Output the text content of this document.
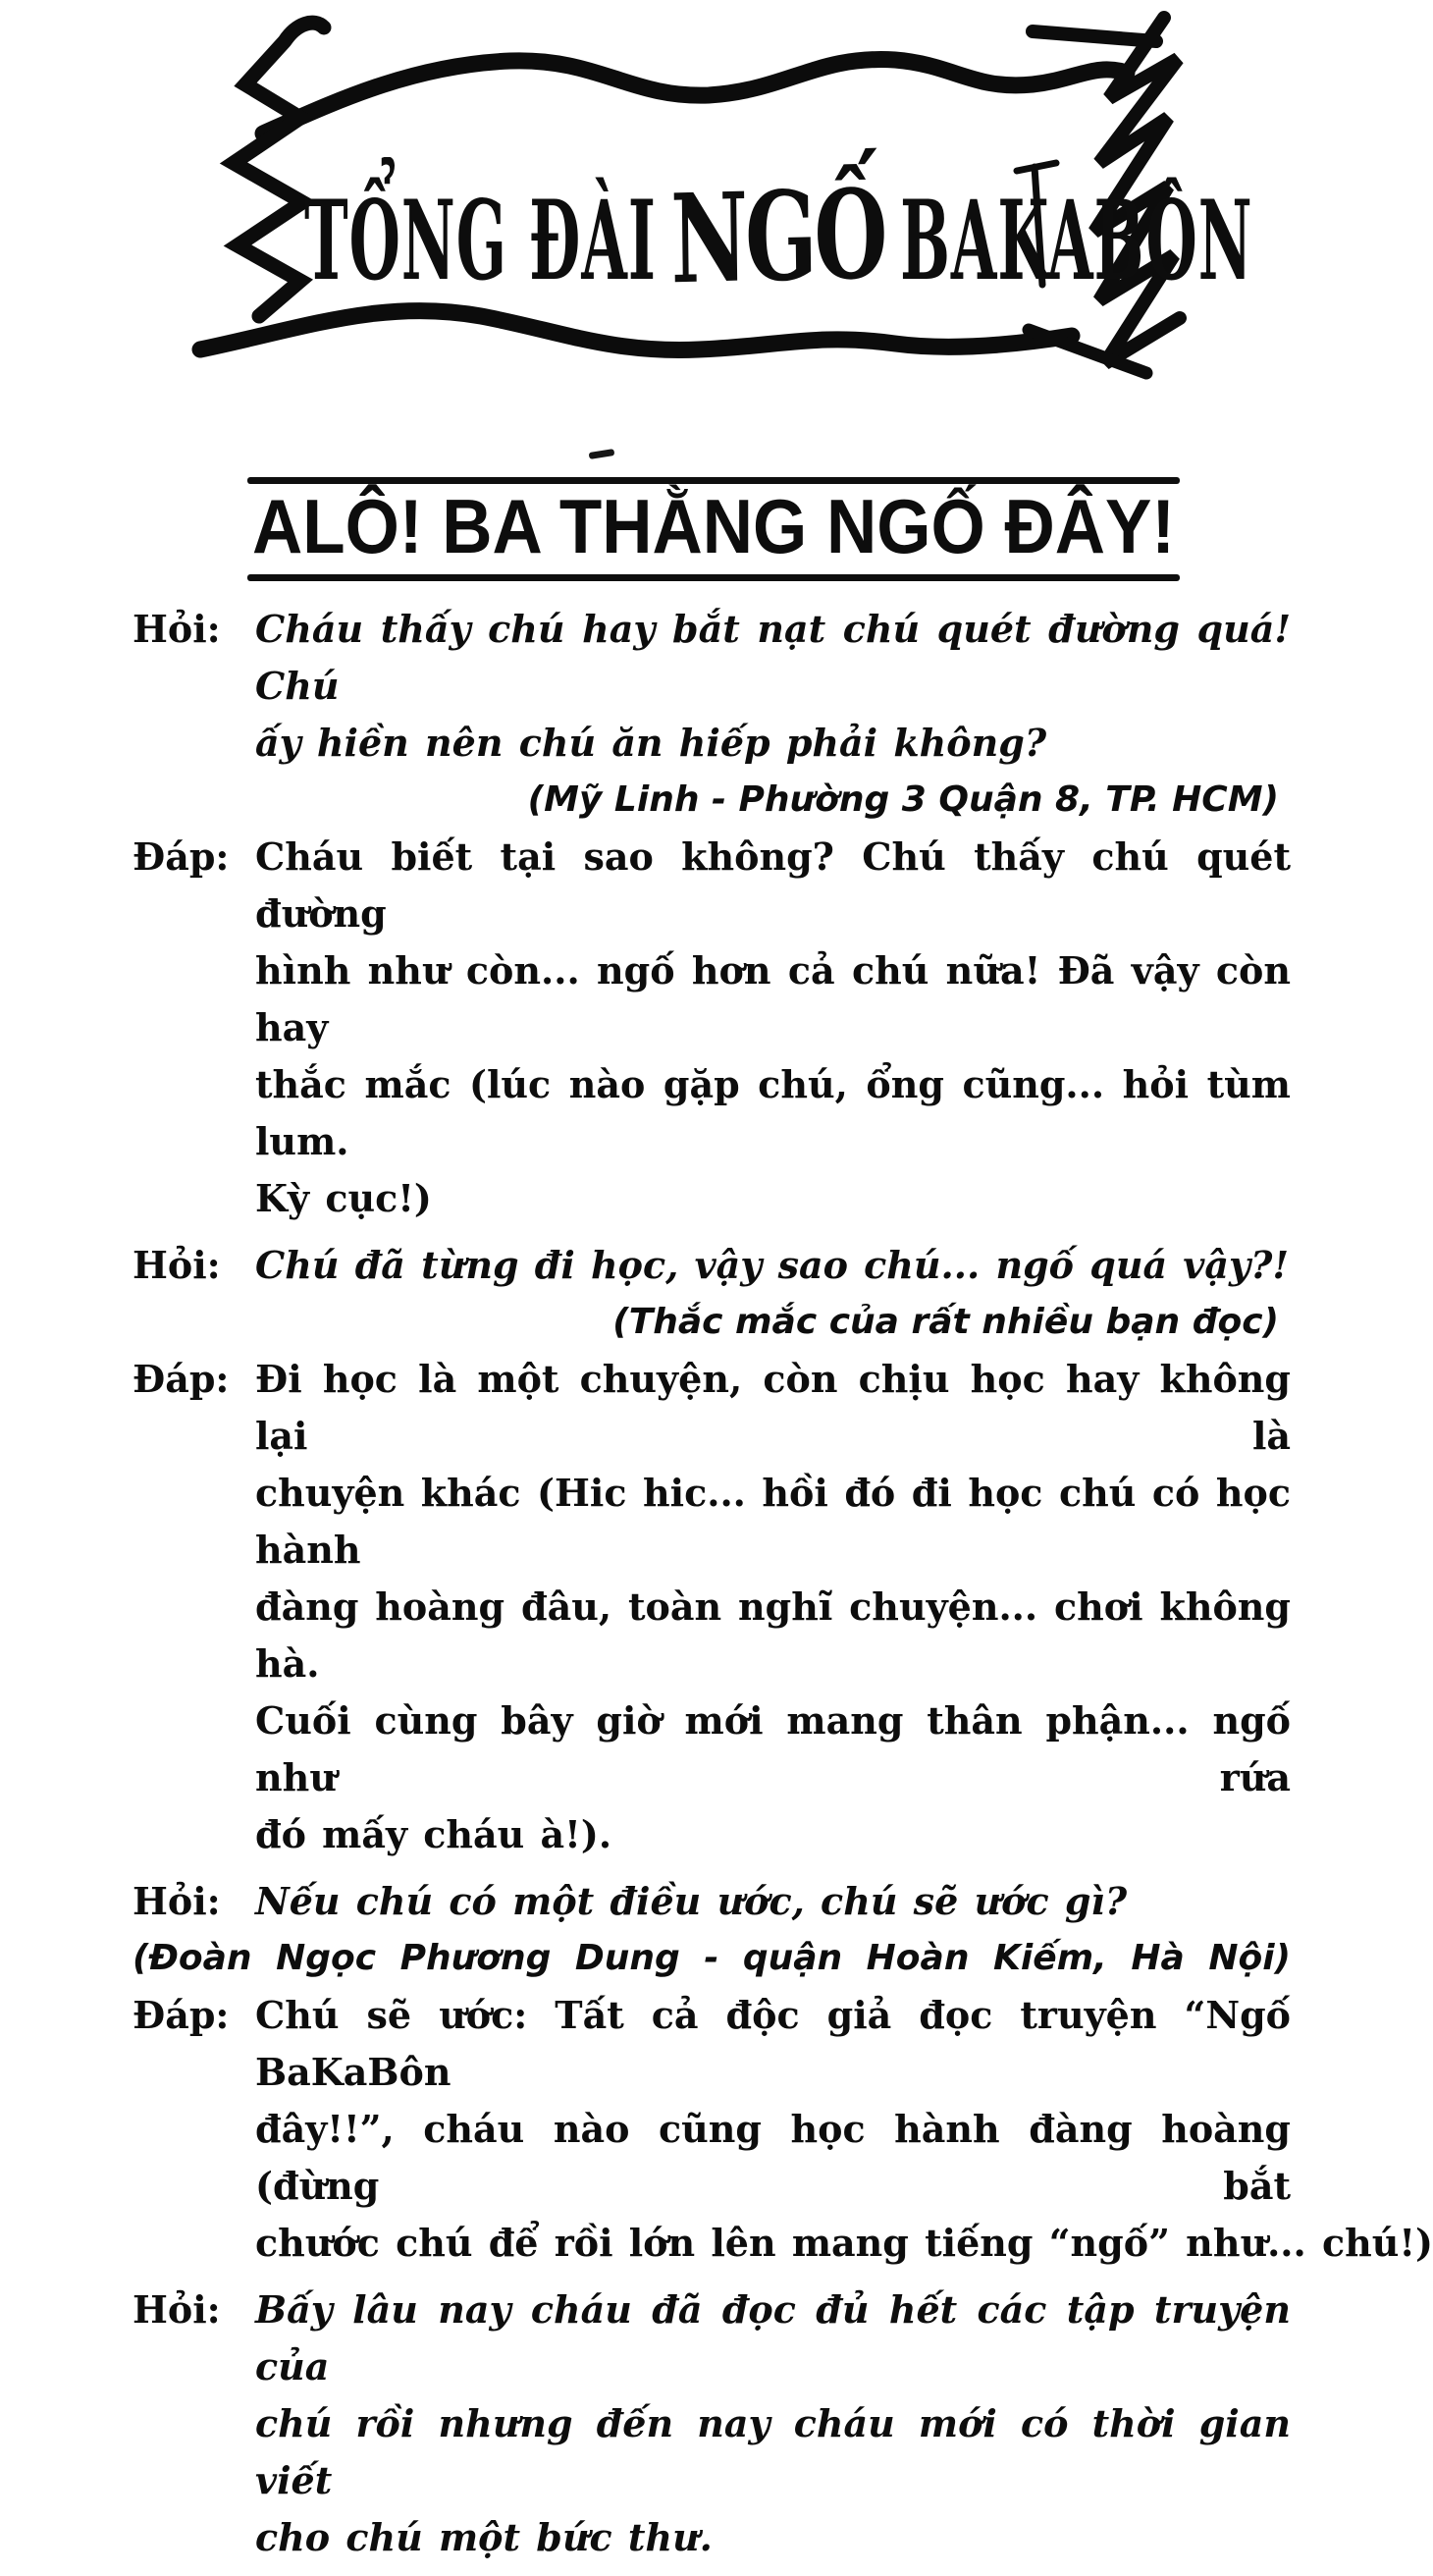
TỔNG ĐÀI NGỐ BAKABÔN
ALÔ! BA THẰNG NGỐ ĐÂY!
Hỏi: Cháu thấy chú hay bắt nạt chú quét đường quá! Chú
ấy hiền nên chú ăn hiếp phải không?
(Mỹ Linh - Phường 3 Quận 8, TP. HCM)
Đáp: Cháu biết tại sao không? Chú thấy chú quét đường
hình như còn... ngố hơn cả chú nữa! Đã vậy còn hay
thắc mắc (lúc nào gặp chú, ổng cũng... hỏi tùm lum.
Kỳ cục!)
Hỏi: Chú đã từng đi học, vậy sao chú... ngố quá vậy?!
(Thắc mắc của rất nhiều bạn đọc)
Đáp: Đi học là một chuyện, còn chịu học hay không lại là
chuyện khác (Hic hic... hồi đó đi học chú có học hành
đàng hoàng đâu, toàn nghĩ chuyện... chơi không hà.
Cuối cùng bây giờ mới mang thân phận... ngố như rứa
đó mấy cháu à!).
Hỏi: Nếu chú có một điều ước, chú sẽ ước gì?
(Đoàn Ngọc Phương Dung - quận Hoàn Kiếm, Hà Nội)
Đáp: Chú sẽ ước: Tất cả độc giả đọc truyện “Ngố BaKaBôn
đây!!”, cháu nào cũng học hành đàng hoàng (đừng bắt
chước chú để rồi lớn lên mang tiếng “ngố” như... chú!)
Hỏi: Bấy lâu nay cháu đã đọc đủ hết các tập truyện của
chú rồi nhưng đến nay cháu mới có thời gian viết
cho chú một bức thư.
